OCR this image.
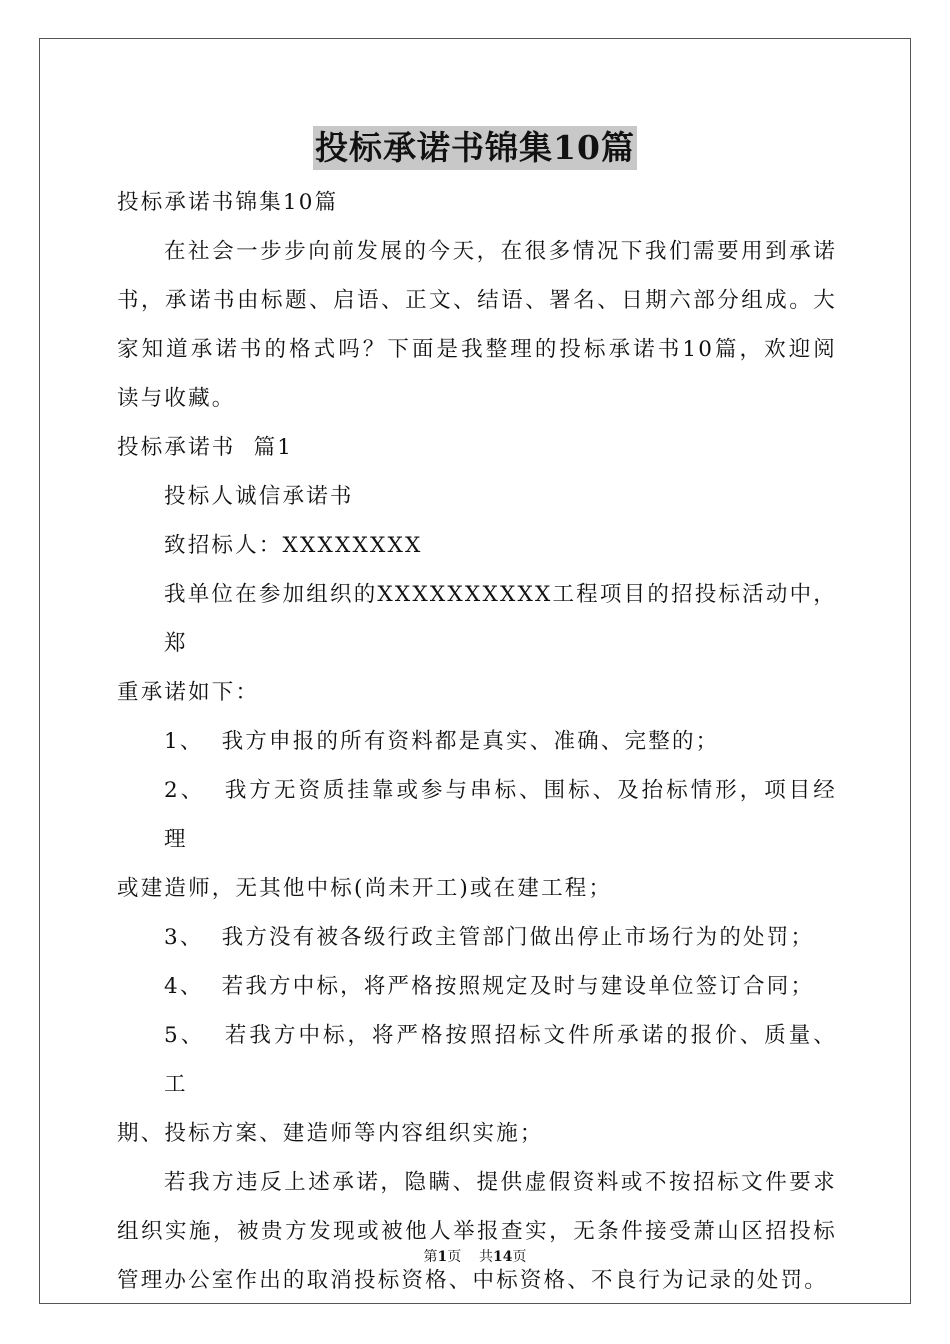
投标承诺书锦集10篇
投标承诺书锦集10篇
在社会一步步向前发展的今天，在很多情况下我们需要用到承诺
书，承诺书由标题、启语、正文、结语、署名、日期六部分组成。大
家知道承诺书的格式吗？下面是我整理的投标承诺书10篇，欢迎阅
读与收藏。
投标承诺书  篇1
投标人诚信承诺书
致招标人：XXXXXXXX
我单位在参加组织的XXXXXXXXXX工程项目的招投标活动中，郑
重承诺如下：
1、  我方申报的所有资料都是真实、准确、完整的；
2、  我方无资质挂靠或参与串标、围标、及抬标情形，项目经理
或建造师，无其他中标(尚未开工)或在建工程；
3、  我方没有被各级行政主管部门做出停止市场行为的处罚；
4、  若我方中标，将严格按照规定及时与建设单位签订合同；
5、  若我方中标，将严格按照招标文件所承诺的报价、质量、工
期、投标方案、建造师等内容组织实施；
若我方违反上述承诺，隐瞒、提供虚假资料或不按招标文件要求
组织实施，被贵方发现或被他人举报查实，无条件接受萧山区招投标
管理办公室作出的取消投标资格、中标资格、不良行为记录的处罚。
第1页    共14页
